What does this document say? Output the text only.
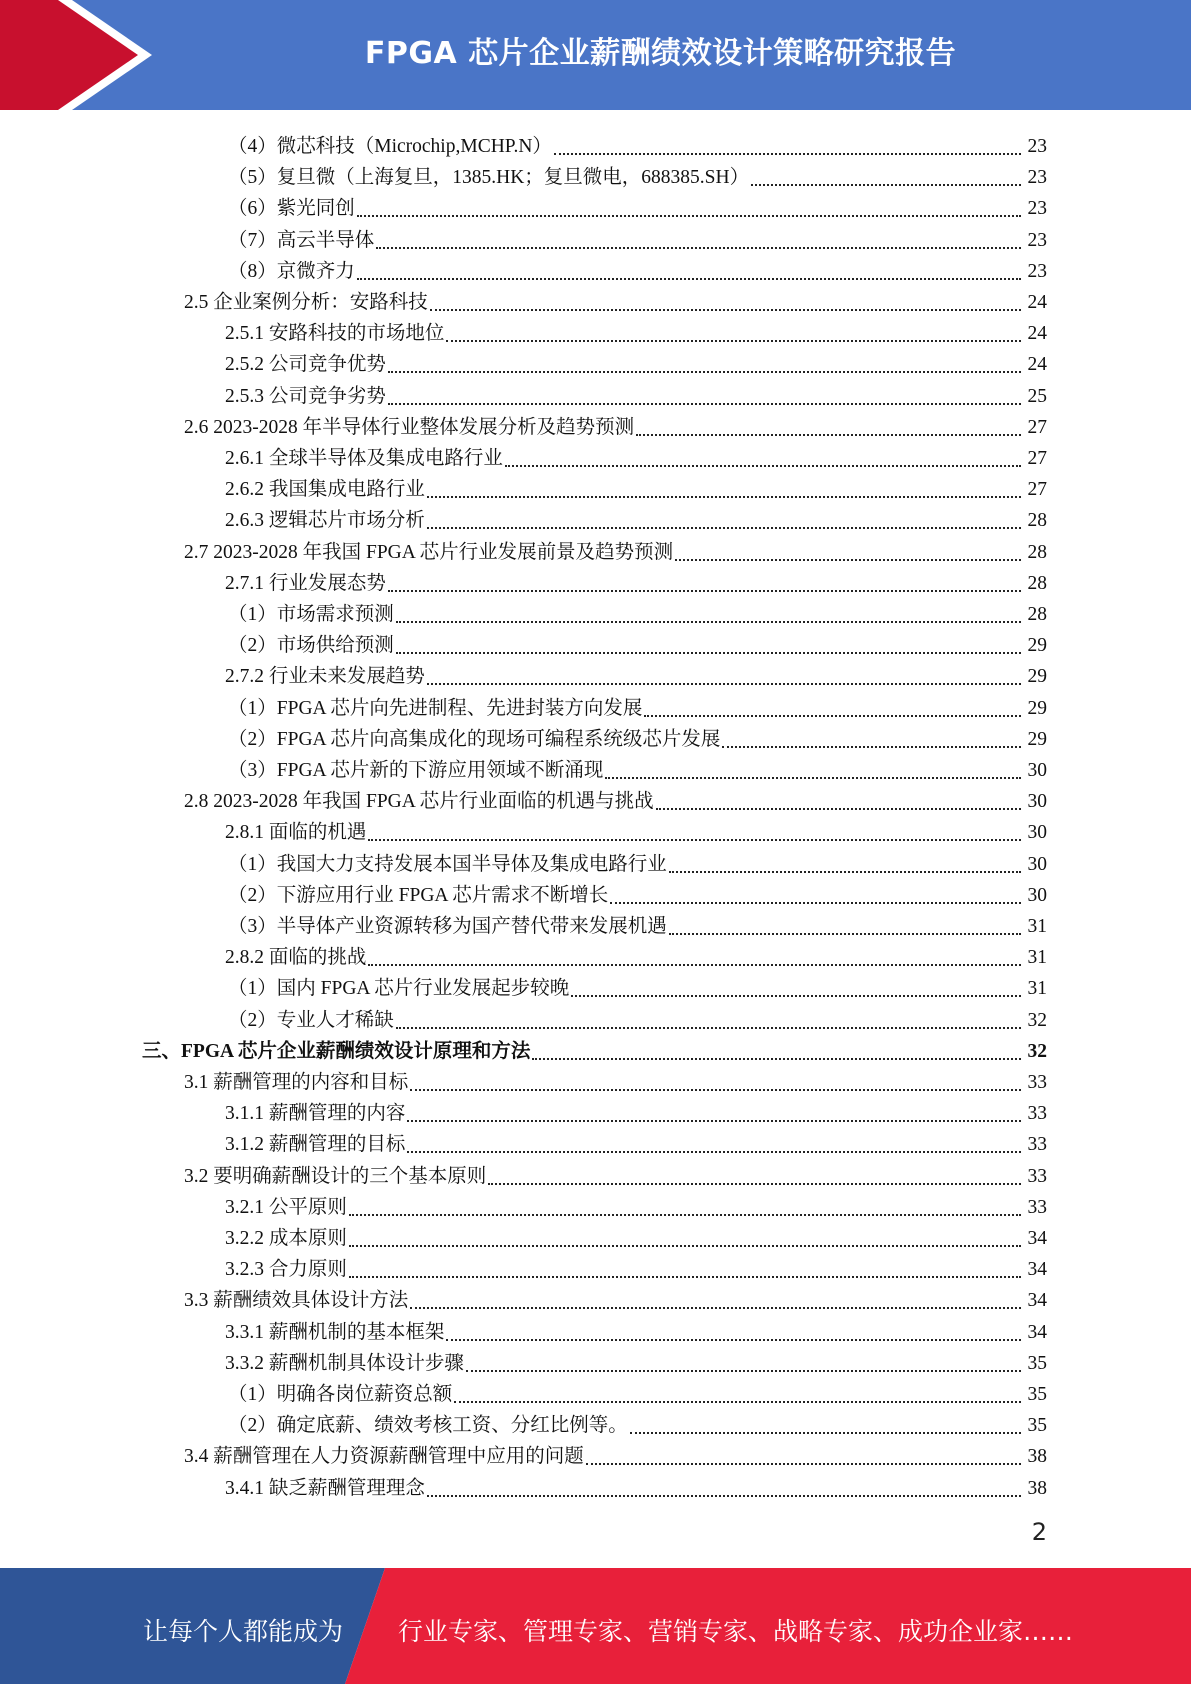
FPGA 芯片企业薪酬绩效设计策略研究报告
（4）微芯科技（Microchip,MCHP.N）	23
（5）复旦微（上海复旦，1385.HK；复旦微电，688385.SH）	23
（6）紫光同创	23
（7）高云半导体	23
（8）京微齐力	23
2.5 企业案例分析：安路科技	24
2.5.1 安路科技的市场地位	24
2.5.2 公司竞争优势	24
2.5.3 公司竞争劣势	25
2.6 2023-2028 年半导体行业整体发展分析及趋势预测	27
2.6.1 全球半导体及集成电路行业	27
2.6.2 我国集成电路行业	27
2.6.3 逻辑芯片市场分析	28
2.7 2023-2028 年我国 FPGA 芯片行业发展前景及趋势预测	28
2.7.1 行业发展态势	28
（1）市场需求预测	28
（2）市场供给预测	29
2.7.2 行业未来发展趋势	29
（1）FPGA 芯片向先进制程、先进封装方向发展	29
（2）FPGA 芯片向高集成化的现场可编程系统级芯片发展	29
（3）FPGA 芯片新的下游应用领域不断涌现	30
2.8 2023-2028 年我国 FPGA 芯片行业面临的机遇与挑战	30
2.8.1 面临的机遇	30
（1）我国大力支持发展本国半导体及集成电路行业	30
（2）下游应用行业 FPGA 芯片需求不断增长	30
（3）半导体产业资源转移为国产替代带来发展机遇	31
2.8.2 面临的挑战	31
（1）国内 FPGA 芯片行业发展起步较晚	31
（2）专业人才稀缺	32
三、FPGA 芯片企业薪酬绩效设计原理和方法	32
3.1 薪酬管理的内容和目标	33
3.1.1 薪酬管理的内容	33
3.1.2 薪酬管理的目标	33
3.2 要明确薪酬设计的三个基本原则	33
3.2.1 公平原则	33
3.2.2 成本原则	34
3.2.3 合力原则	34
3.3 薪酬绩效具体设计方法	34
3.3.1 薪酬机制的基本框架	34
3.3.2 薪酬机制具体设计步骤	35
（1）明确各岗位薪资总额	35
（2）确定底薪、绩效考核工资、分红比例等。	35
3.4 薪酬管理在人力资源薪酬管理中应用的问题	38
3.4.1 缺乏薪酬管理理念	38
2
让每个人都能成为 行业专家、管理专家、营销专家、战略专家、成功企业家……
